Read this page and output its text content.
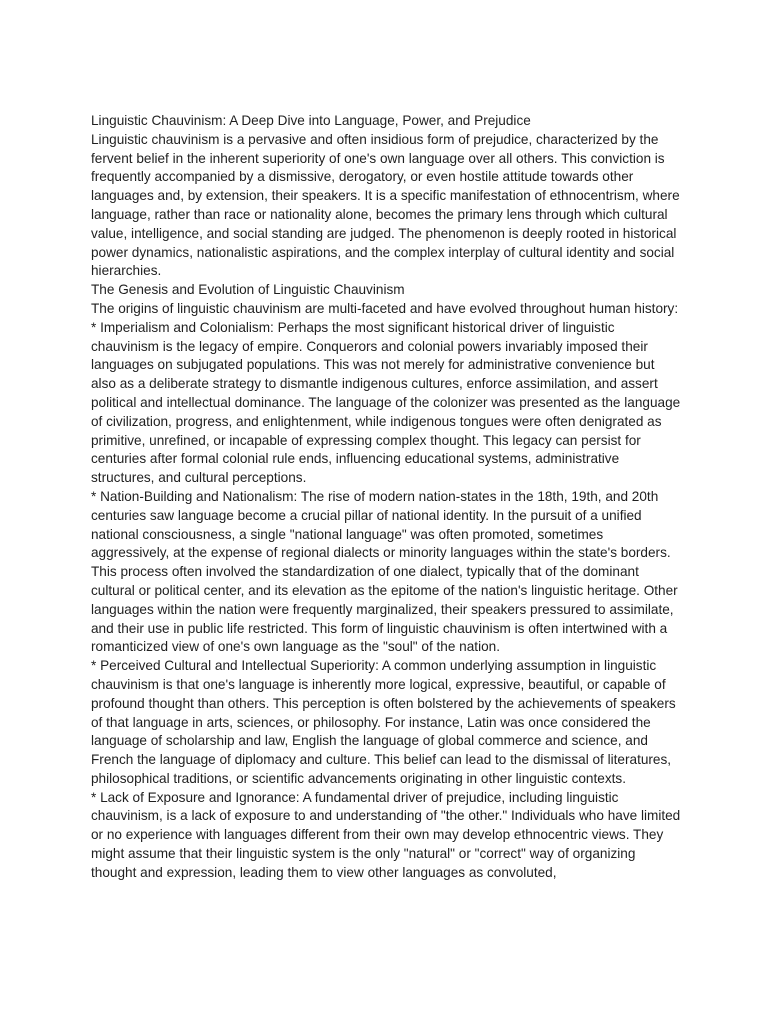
Linguistic Chauvinism: A Deep Dive into Language, Power, and Prejudice

Linguistic chauvinism is a pervasive and often insidious form of prejudice, characterized by the fervent belief in the inherent superiority of one's own language over all others. This conviction is frequently accompanied by a dismissive, derogatory, or even hostile attitude towards other languages and, by extension, their speakers. It is a specific manifestation of ethnocentrism, where language, rather than race or nationality alone, becomes the primary lens through which cultural value, intelligence, and social standing are judged. The phenomenon is deeply rooted in historical power dynamics, nationalistic aspirations, and the complex interplay of cultural identity and social hierarchies.

The Genesis and Evolution of Linguistic Chauvinism

The origins of linguistic chauvinism are multi-faceted and have evolved throughout human history:

* Imperialism and Colonialism: Perhaps the most significant historical driver of linguistic chauvinism is the legacy of empire. Conquerors and colonial powers invariably imposed their languages on subjugated populations. This was not merely for administrative convenience but also as a deliberate strategy to dismantle indigenous cultures, enforce assimilation, and assert political and intellectual dominance. The language of the colonizer was presented as the language of civilization, progress, and enlightenment, while indigenous tongues were often denigrated as primitive, unrefined, or incapable of expressing complex thought. This legacy can persist for centuries after formal colonial rule ends, influencing educational systems, administrative structures, and cultural perceptions.

* Nation-Building and Nationalism: The rise of modern nation-states in the 18th, 19th, and 20th centuries saw language become a crucial pillar of national identity. In the pursuit of a unified national consciousness, a single "national language" was often promoted, sometimes aggressively, at the expense of regional dialects or minority languages within the state's borders. This process often involved the standardization of one dialect, typically that of the dominant cultural or political center, and its elevation as the epitome of the nation's linguistic heritage. Other languages within the nation were frequently marginalized, their speakers pressured to assimilate, and their use in public life restricted. This form of linguistic chauvinism is often intertwined with a romanticized view of one's own language as the "soul" of the nation.

* Perceived Cultural and Intellectual Superiority: A common underlying assumption in linguistic chauvinism is that one's language is inherently more logical, expressive, beautiful, or capable of profound thought than others. This perception is often bolstered by the achievements of speakers of that language in arts, sciences, or philosophy. For instance, Latin was once considered the language of scholarship and law, English the language of global commerce and science, and French the language of diplomacy and culture. This belief can lead to the dismissal of literatures, philosophical traditions, or scientific advancements originating in other linguistic contexts.

* Lack of Exposure and Ignorance: A fundamental driver of prejudice, including linguistic chauvinism, is a lack of exposure to and understanding of "the other." Individuals who have limited or no experience with languages different from their own may develop ethnocentric views. They might assume that their linguistic system is the only "natural" or "correct" way of organizing thought and expression, leading them to view other languages as convoluted,
